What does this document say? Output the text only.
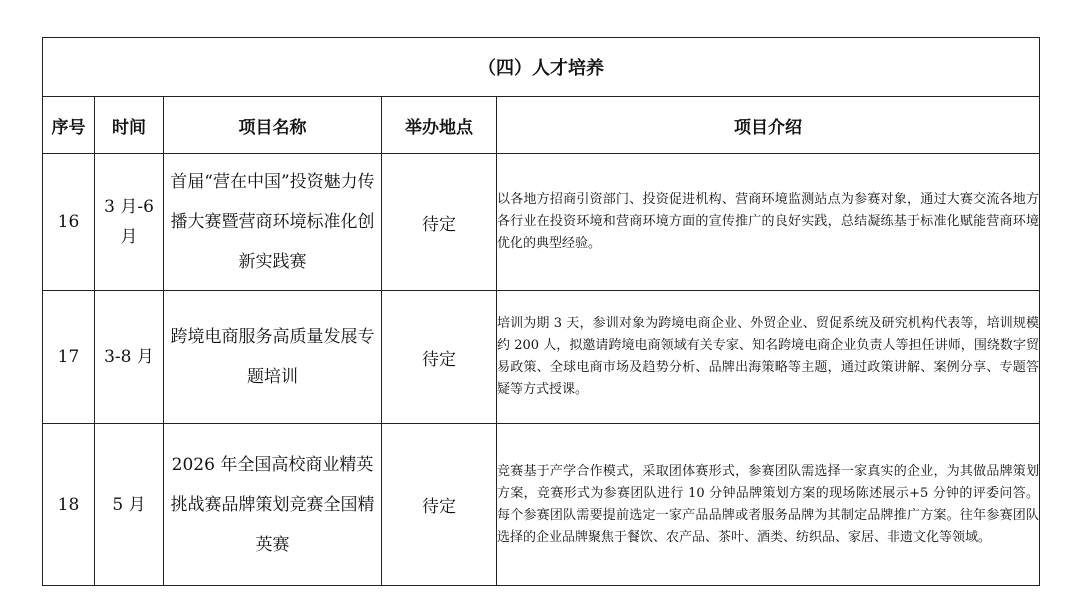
（四）人才培养				
序号	时间	项目名称	举办地点	项目介绍
16	3 月-6 月	首届“营在中国”投资魅力传播大赛暨营商环境标准化创新实践赛	待定	以各地方招商引资部门、投资促进机构、营商环境监测站点为参赛对象，通过大赛交流各地方各行业在投资环境和营商环境方面的宣传推广的良好实践，总结凝练基于标准化赋能营商环境优化的典型经验。
17	3-8 月	跨境电商服务高质量发展专题培训	待定	培训为期 3 天，参训对象为跨境电商企业、外贸企业、贸促系统及研究机构代表等，培训规模约 200 人，拟邀请跨境电商领域有关专家、知名跨境电商企业负责人等担任讲师，围绕数字贸易政策、全球电商市场及趋势分析、品牌出海策略等主题，通过政策讲解、案例分享、专题答疑等方式授课。
18	5 月	2026 年全国高校商业精英挑战赛品牌策划竞赛全国精英赛	待定	竞赛基于产学合作模式，采取团体赛形式，参赛团队需选择一家真实的企业，为其做品牌策划方案，竞赛形式为参赛团队进行 10 分钟品牌策划方案的现场陈述展示+5 分钟的评委问答。每个参赛团队需要提前选定一家产品品牌或者服务品牌为其制定品牌推广方案。往年参赛团队选择的企业品牌聚焦于餐饮、农产品、茶叶、酒类、纺织品、家居、非遗文化等领域。
